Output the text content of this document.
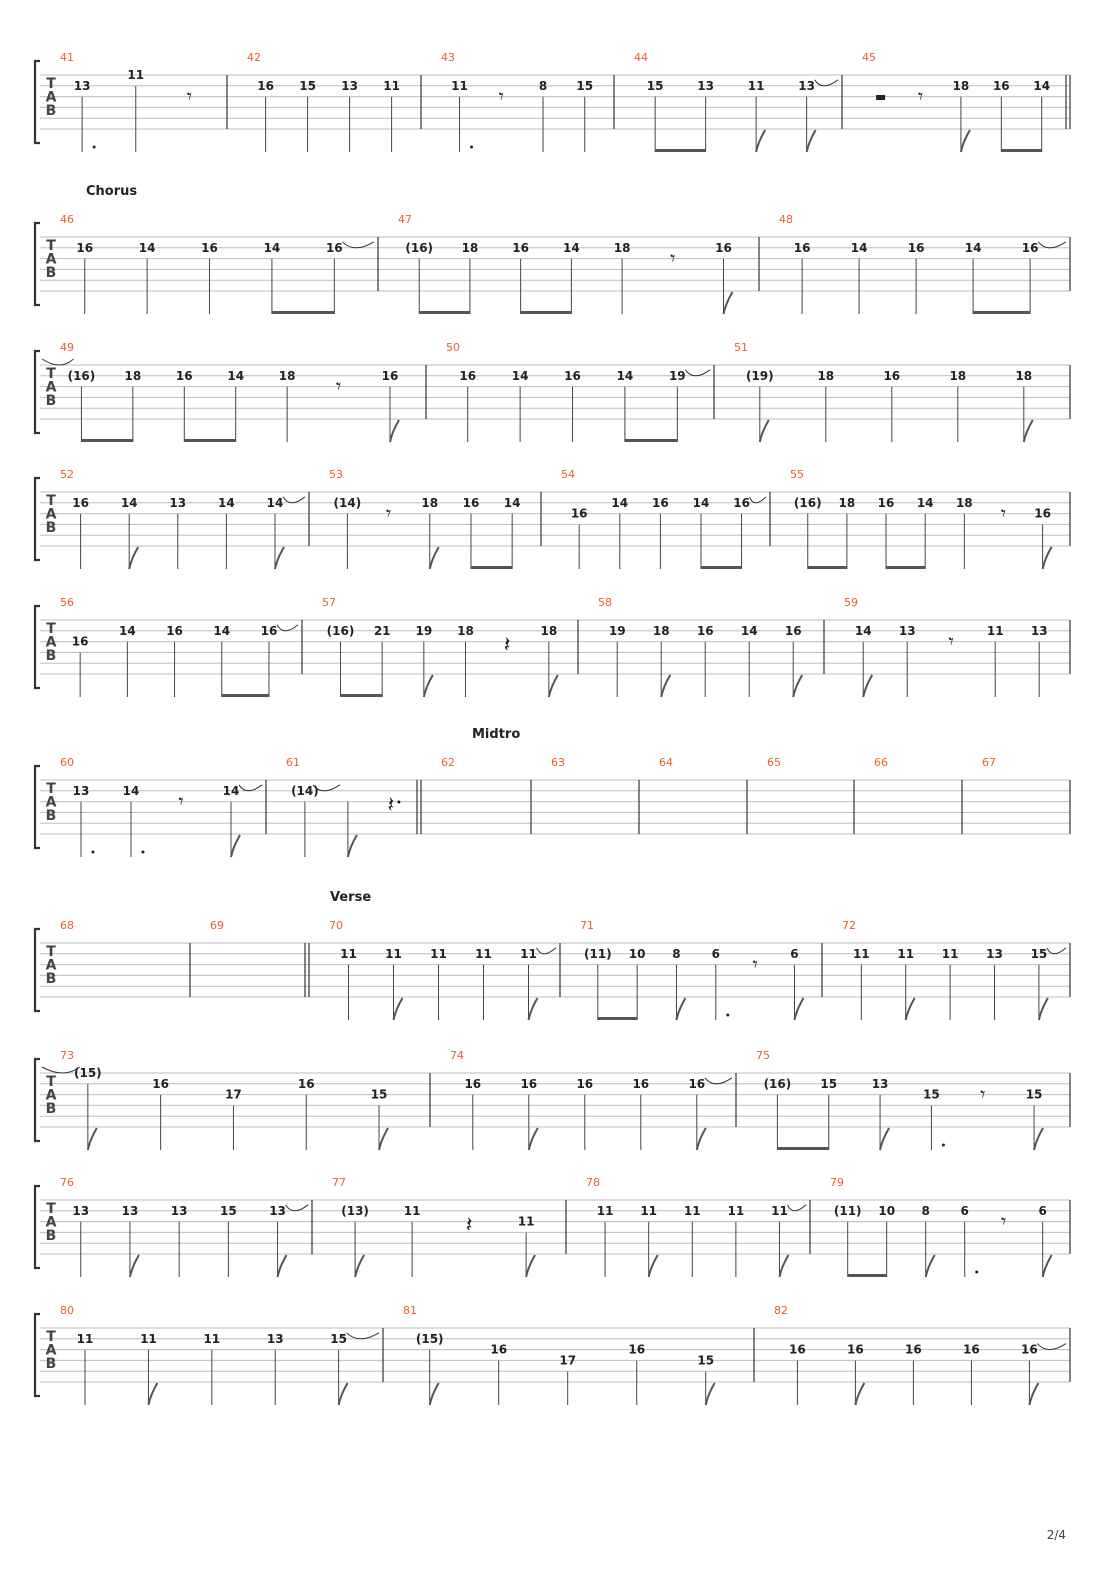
T
A
B
41
13
11
𝄾
42
16 15 13 11
43
11 𝄾	8 15
44
15	13	11	13
45
𝄾 18 16 14
T
A
B
Chorus
46
16	14	16	14	16
47
(16) 18	16	14	18 𝄾	16
48
16	14	16	14	16
T
A
B
49
(16) 18	16	14	18 𝄾	16
50
16	14	16	14	19
51
(19)	18	16	18	18
T
A
B
52
16	14	13	14	14
53
(14) 𝄾	18 16 14
54
16
14 16 14 16
55
(16) 18 16 14 18 𝄾 16
T
A
B
56
16
14	16	14	16
57
(16) 21 19 18
𝄽
18
58
19 18 16 14 16
59
14 13 𝄾	11 13
T
A
B
Midtro
60
13	14 𝄾	14
61
(14)
𝄽
62	63	64	65	66	67
T
A
B
Verse
68	69	70
11 11 11 11 11
71
(11) 10 8	6 𝄾	6
72
11 11 11 13 15
T
A
B
73
(15)
16
17
16
15
74
16	16	16	16	16
75
(16) 15	13
15 𝄾	15
T
A
B
76
13	13	13	15	13
77
(13)	11
𝄽	11
78
11 11 11 11 11
79
(11) 10 8	6 𝄾	6
T
A
B
80
11	11	11	13	15
81
(15)
16
17
16
15
82
16	16	16	16	16
2/4
